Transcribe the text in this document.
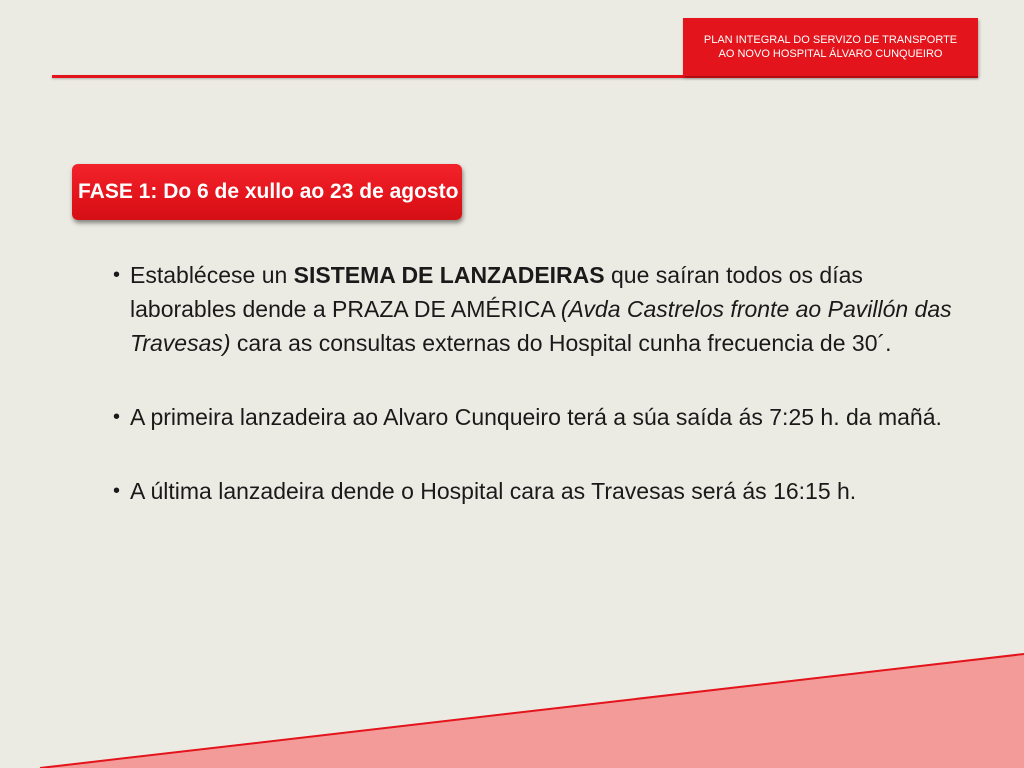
PLAN INTEGRAL DO SERVIZO DE TRANSPORTE
AO NOVO HOSPITAL ÁLVARO CUNQUEIRO
FASE 1: Do 6 de xullo ao 23 de agosto
• Establécese un SISTEMA DE LANZADEIRAS que saíran todos os días laborables dende a PRAZA DE AMÉRICA (Avda Castrelos fronte ao Pavillón das Travesas) cara as consultas externas do Hospital cunha frecuencia de 30´.
• A primeira lanzadeira ao Alvaro Cunqueiro terá a súa saída ás 7:25 h. da mañá.
• A última lanzadeira dende o Hospital cara as Travesas será ás 16:15 h.
